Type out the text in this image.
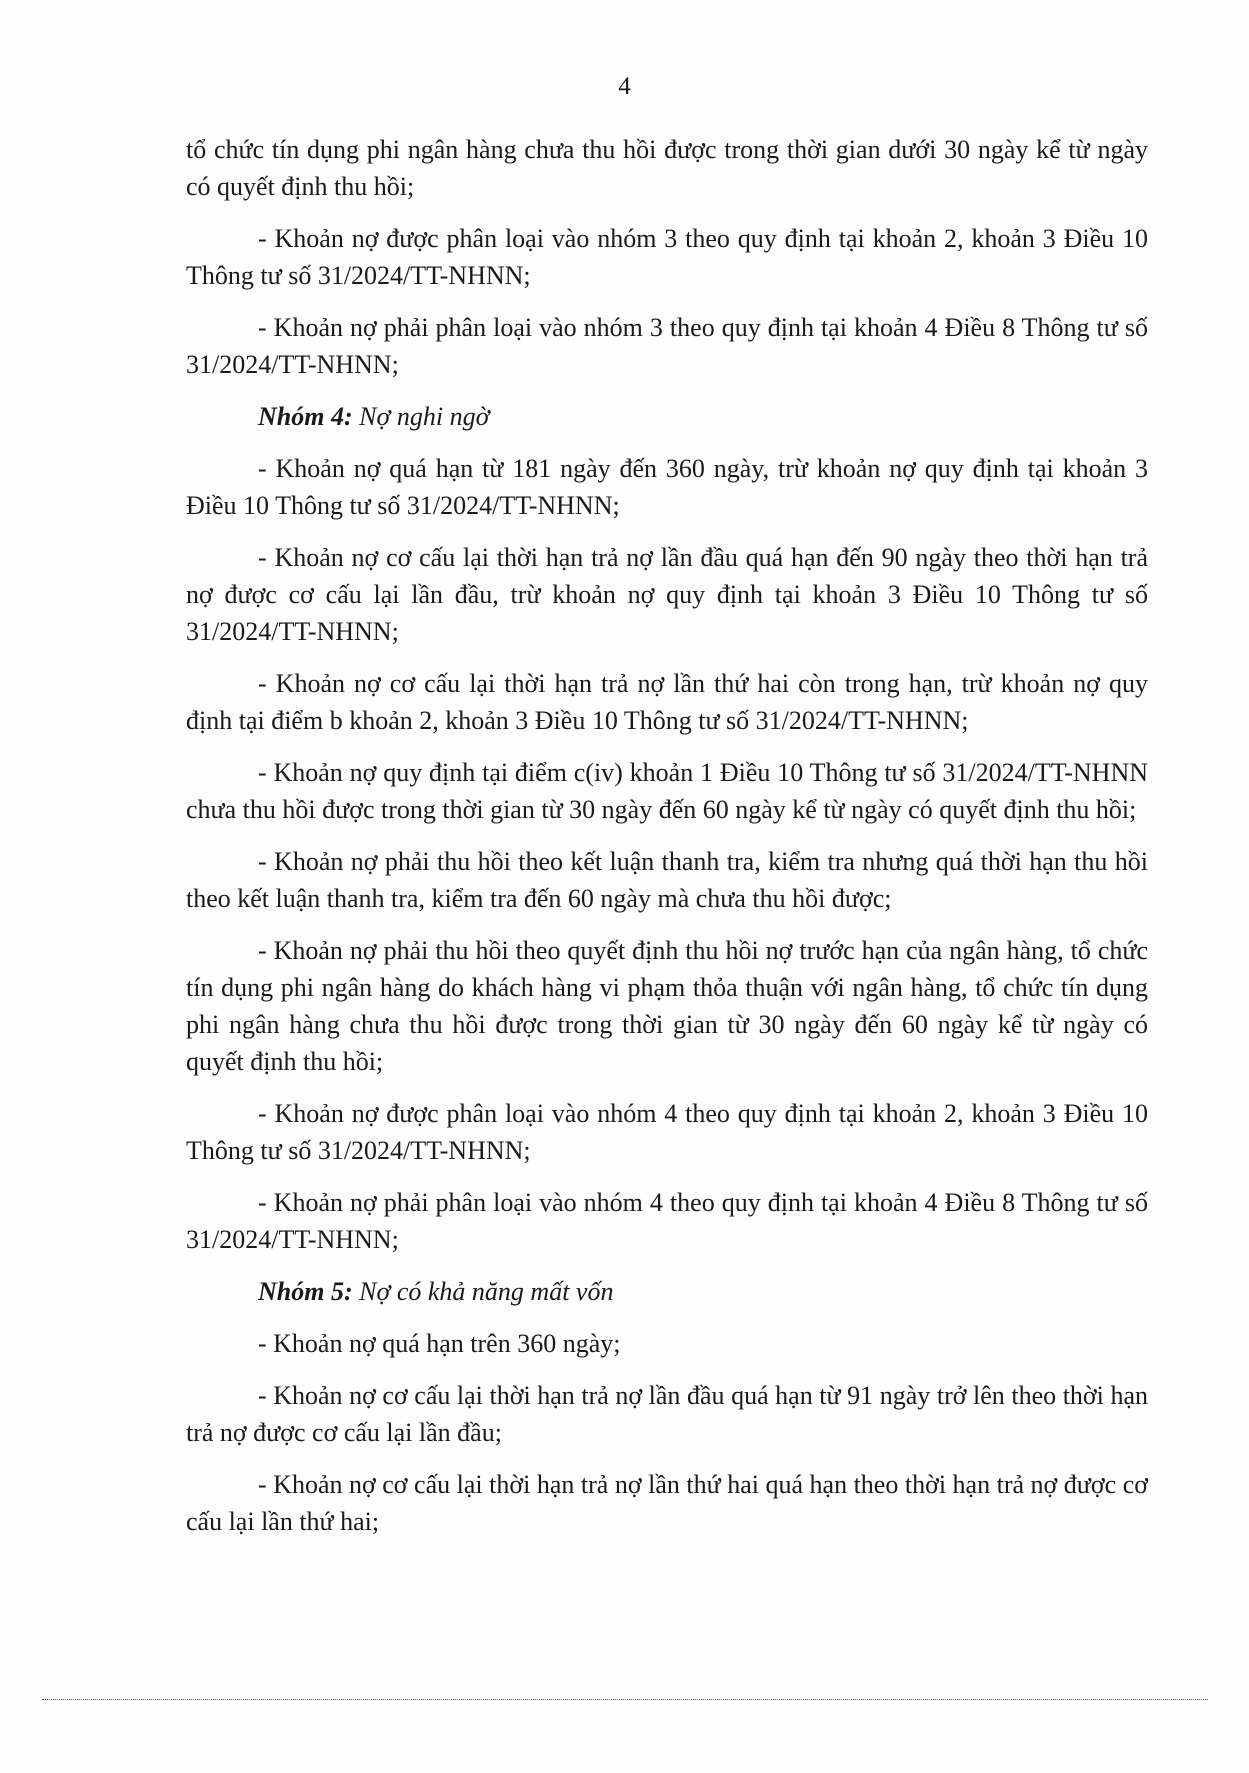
4

tổ chức tín dụng phi ngân hàng chưa thu hồi được trong thời gian dưới 30 ngày kể từ ngày có quyết định thu hồi;

- Khoản nợ được phân loại vào nhóm 3 theo quy định tại khoản 2, khoản 3 Điều 10 Thông tư số 31/2024/TT-NHNN;

- Khoản nợ phải phân loại vào nhóm 3 theo quy định tại khoản 4 Điều 8 Thông tư số 31/2024/TT-NHNN;

Nhóm 4: Nợ nghi ngờ

- Khoản nợ quá hạn từ 181 ngày đến 360 ngày, trừ khoản nợ quy định tại khoản 3 Điều 10 Thông tư số 31/2024/TT-NHNN;

- Khoản nợ cơ cấu lại thời hạn trả nợ lần đầu quá hạn đến 90 ngày theo thời hạn trả nợ được cơ cấu lại lần đầu, trừ khoản nợ quy định tại khoản 3 Điều 10 Thông tư số 31/2024/TT-NHNN;

- Khoản nợ cơ cấu lại thời hạn trả nợ lần thứ hai còn trong hạn, trừ khoản nợ quy định tại điểm b khoản 2, khoản 3 Điều 10 Thông tư số 31/2024/TT-NHNN;

- Khoản nợ quy định tại điểm c(iv) khoản 1 Điều 10 Thông tư số 31/2024/TT-NHNN chưa thu hồi được trong thời gian từ 30 ngày đến 60 ngày kể từ ngày có quyết định thu hồi;

- Khoản nợ phải thu hồi theo kết luận thanh tra, kiểm tra nhưng quá thời hạn thu hồi theo kết luận thanh tra, kiểm tra đến 60 ngày mà chưa thu hồi được;

- Khoản nợ phải thu hồi theo quyết định thu hồi nợ trước hạn của ngân hàng, tổ chức tín dụng phi ngân hàng do khách hàng vi phạm thỏa thuận với ngân hàng, tổ chức tín dụng phi ngân hàng chưa thu hồi được trong thời gian từ 30 ngày đến 60 ngày kể từ ngày có quyết định thu hồi;

- Khoản nợ được phân loại vào nhóm 4 theo quy định tại khoản 2, khoản 3 Điều 10 Thông tư số 31/2024/TT-NHNN;

- Khoản nợ phải phân loại vào nhóm 4 theo quy định tại khoản 4 Điều 8 Thông tư số 31/2024/TT-NHNN;

Nhóm 5: Nợ có khả năng mất vốn

- Khoản nợ quá hạn trên 360 ngày;

- Khoản nợ cơ cấu lại thời hạn trả nợ lần đầu quá hạn từ 91 ngày trở lên theo thời hạn trả nợ được cơ cấu lại lần đầu;

- Khoản nợ cơ cấu lại thời hạn trả nợ lần thứ hai quá hạn theo thời hạn trả nợ được cơ cấu lại lần thứ hai;
